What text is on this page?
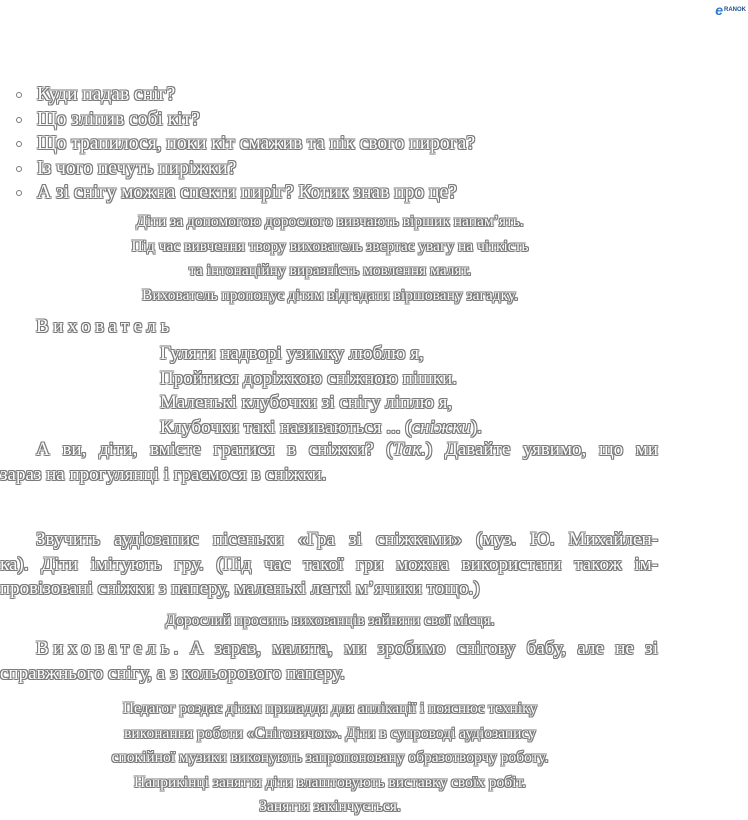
е RANOK
Куди падав сніг?
Що зліпив собі кіт?
Що трапилося, поки кіт смажив та пік свого пирога?
Із чого печуть пиріжки?
А зі снігу можна спекти пиріг? Котик знав про це?
Діти за допомогою дорослого вивчають віршик напам’ять.
Під час вивчення твору вихователь звертає увагу на чіткість
та інтонаційну виразність мовлення малят.
Вихователь пропонує дітям відгадати віршовану загадку.
Вихователь
Гуляти надворі узимку люблю я,
Пройтися доріжкою сніжною пішки.
Маленькі клубочки зі снігу ліплю я,
Клубочки такі називаються ... (сніжки).
А ви, діти, вмієте гратися в сніжки? (Так.) Давайте уявимо, що ми
зараз на прогулянці і граємося в сніжки.
Звучить аудіозапис пісеньки «Гра зі сніжками» (муз. Ю. Михайлен-
ка). Діти імітують гру. (Під час такої гри можна використати також ім-
провізовані сніжки з паперу, маленькі легкі м’ячики тощо.)
Дорослий просить вихованців зайняти свої місця.
Вихователь. А зараз, малята, ми зробимо снігову бабу, але не зі
справжнього снігу, а з кольорового паперу.
Педагог роздає дітям приладдя для аплікації і пояснює техніку
виконання роботи «Сніговичок». Діти в супроводі аудіозапису
спокійної музики виконують запропоновану образотворчу роботу.
Наприкінці заняття діти влаштовують виставку своїх робіт.
Заняття закінчується.
